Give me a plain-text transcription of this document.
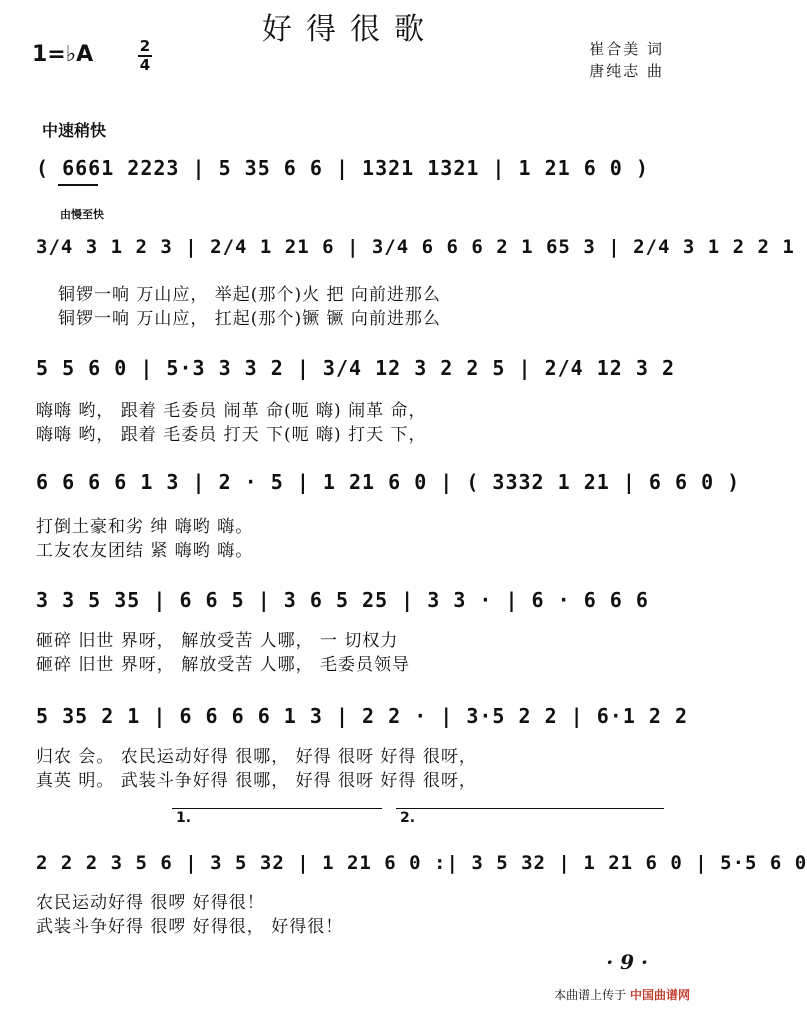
好得很歌
1=♭A	2
4
崔合美 词
唐纯志 曲
中速稍快
( 6661 2223 | 5 35 6 6 | 1321 1321 | 1 21 6 0 )
由慢至快
3/4 3 1 2 3 | 2/4 1 21 6 | 3/4 6 6 6 2 1 65 3 | 2/4 3 1 2 2 1
铜锣一响 万山应， 举起(那个)火 把 向前进那么
铜锣一响 万山应， 扛起(那个)镢 镢 向前进那么
5 5 6 0 | 5·3 3 3 2 | 3/4 12 3 2 2 5 | 2/4 12 3 2
嗨嗨 哟， 跟着 毛委员 闹革 命(呃 嗨) 闹革 命，
嗨嗨 哟， 跟着 毛委员 打天 下(呃 嗨) 打天 下，
6 6 6 6 1 3 | 2 · 5 | 1 21 6 0 | ( 3332 1 21 | 6 6 0 )
打倒土豪和劣 绅 嗨哟 嗨。
工友农友团结 紧 嗨哟 嗨。
3 3 5 35 | 6 6 5 | 3 6 5 25 | 3 3 · | 6 · 6 6 6
砸碎 旧世 界呀， 解放受苦 人哪， 一 切权力
砸碎 旧世 界呀， 解放受苦 人哪， 毛委员领导
5 35 2 1 | 6 6 6 6 1 3 | 2 2 · | 3·5 2 2 | 6·1 2 2
归农 会。 农民运动好得 很哪， 好得 很呀 好得 很呀，
真英 明。 武装斗争好得 很哪， 好得 很呀 好得 很呀，
1.	2.
2 2 2 3 5 6 | 3 5 32 | 1 21 6 0 :| 3 5 32 | 1 21 6 0 | 5·5 6 0
农民运动好得 很啰 好得很！
武装斗争好得 很啰 好得很， 好得很！
· 9 ·
本曲谱上传于 中国曲谱网
